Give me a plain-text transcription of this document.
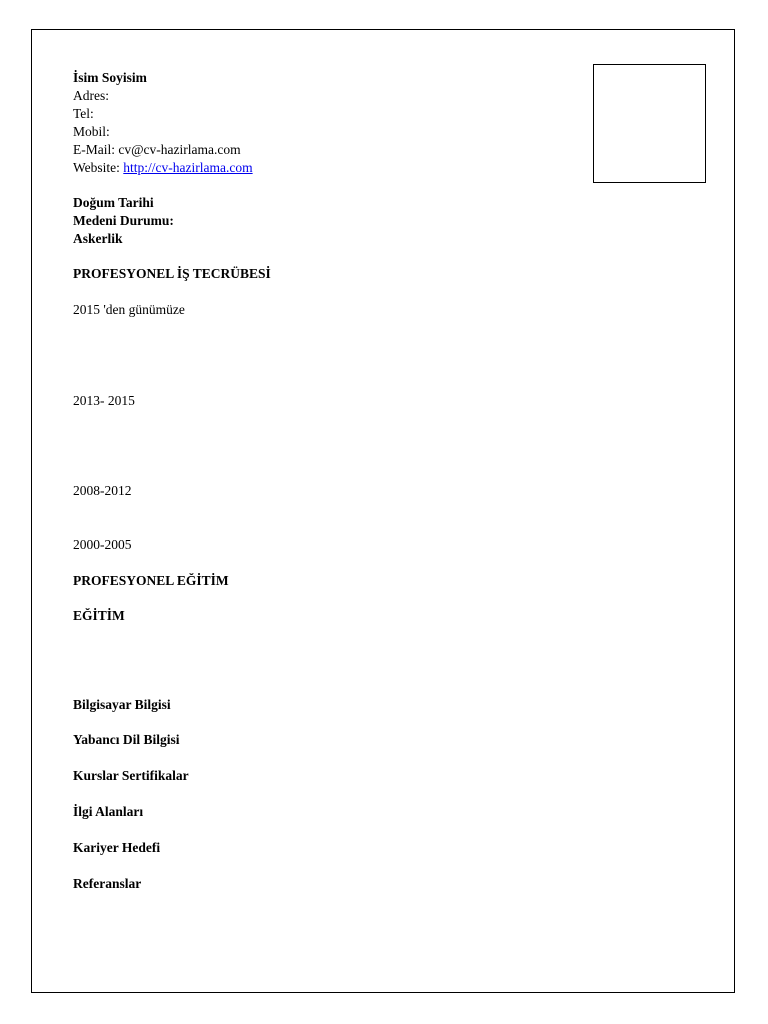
İsim Soyisim
Adres:
Tel:
Mobil:
E-Mail: cv@cv-hazirlama.com
Website: http://cv-hazirlama.com
Doğum Tarihi
Medeni Durumu:
Askerlik
PROFESYONEL İŞ TECRÜBESİ
2015 'den günümüze
2013- 2015
2008-2012
2000-2005
PROFESYONEL EĞİTİM
EĞİTİM
Bilgisayar Bilgisi
Yabancı Dil Bilgisi
Kurslar Sertifikalar
İlgi Alanları
Kariyer Hedefi
Referanslar
